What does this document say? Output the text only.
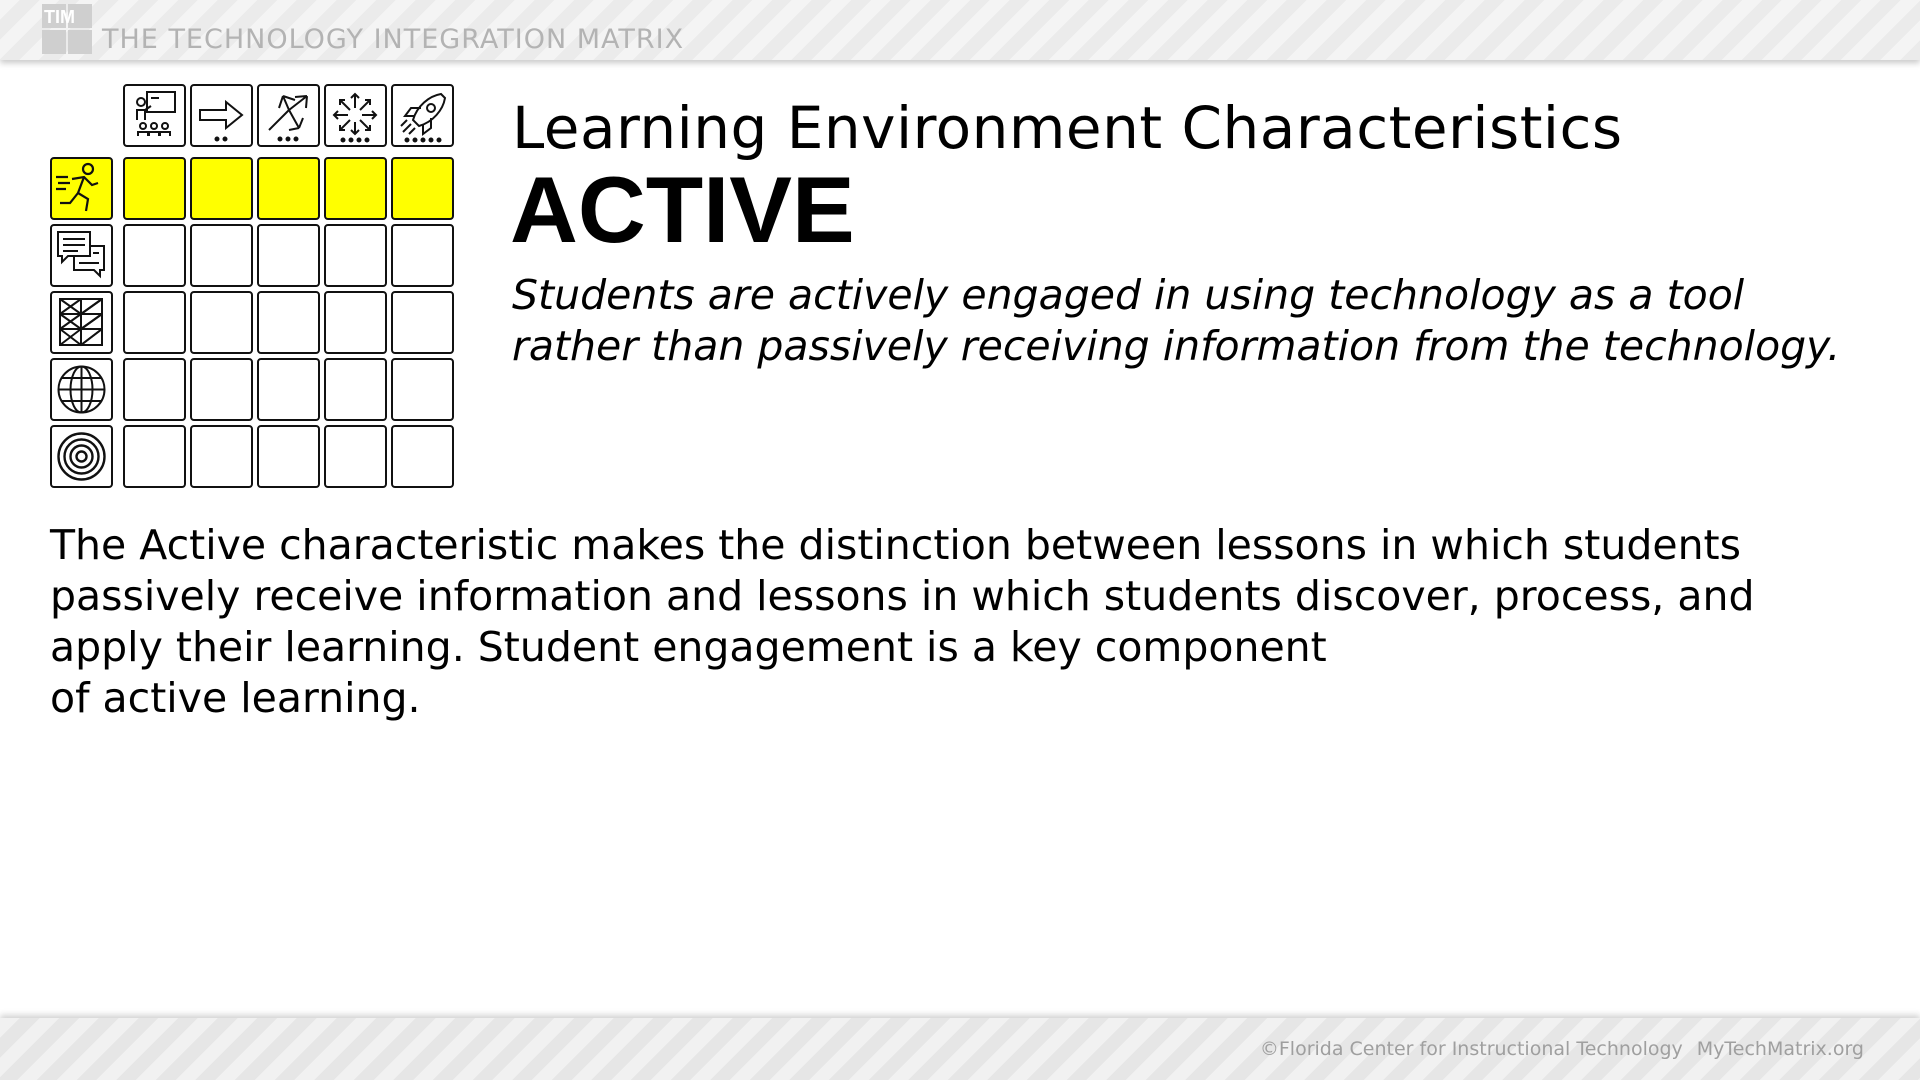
TIM
THE TECHNOLOGY INTEGRATION MATRIX
Learning Environment Characteristics
ACTIVE
Students are actively engaged in using technology as a tool
rather than passively receiving information from the technology.
The Active characteristic makes the distinction between lessons in which students
passively receive information and lessons in which students discover, process, and
apply their learning. Student engagement is a key component
of active learning.
©Florida Center for Instructional Technology MyTechMatrix.org
